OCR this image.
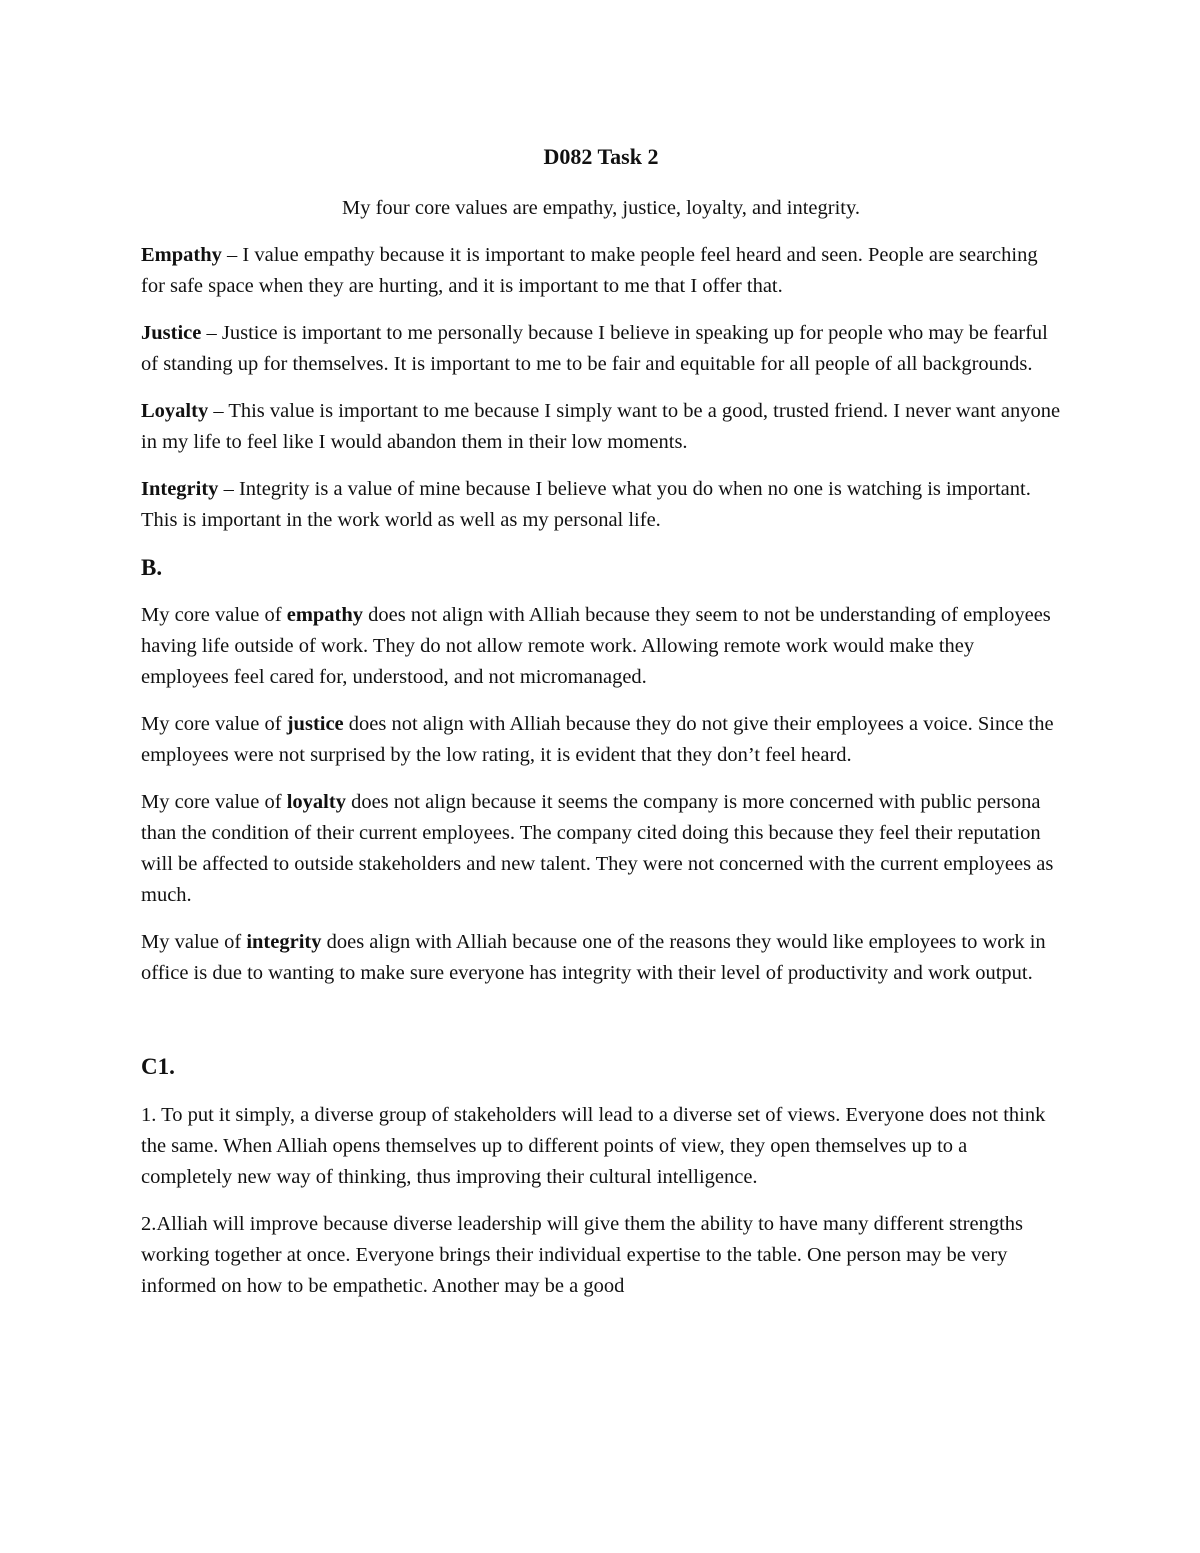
D082 Task 2

My four core values are empathy, justice, loyalty, and integrity.

Empathy – I value empathy because it is important to make people feel heard and seen. People are searching for safe space when they are hurting, and it is important to me that I offer that.

Justice – Justice is important to me personally because I believe in speaking up for people who may be fearful of standing up for themselves. It is important to me to be fair and equitable for all people of all backgrounds.

Loyalty – This value is important to me because I simply want to be a good, trusted friend. I never want anyone in my life to feel like I would abandon them in their low moments.

Integrity – Integrity is a value of mine because I believe what you do when no one is watching is important. This is important in the work world as well as my personal life.

B.

My core value of empathy does not align with Alliah because they seem to not be understanding of employees having life outside of work. They do not allow remote work. Allowing remote work would make they employees feel cared for, understood, and not micromanaged.

My core value of justice does not align with Alliah because they do not give their employees a voice. Since the employees were not surprised by the low rating, it is evident that they don’t feel heard.

My core value of loyalty does not align because it seems the company is more concerned with public persona than the condition of their current employees. The company cited doing this because they feel their reputation will be affected to outside stakeholders and new talent. They were not concerned with the current employees as much.

My value of integrity does align with Alliah because one of the reasons they would like employees to work in office is due to wanting to make sure everyone has integrity with their level of productivity and work output.

C1.

1. To put it simply, a diverse group of stakeholders will lead to a diverse set of views. Everyone does not think the same. When Alliah opens themselves up to different points of view, they open themselves up to a completely new way of thinking, thus improving their cultural intelligence.

2.Alliah will improve because diverse leadership will give them the ability to have many different strengths working together at once. Everyone brings their individual expertise to the table. One person may be very informed on how to be empathetic. Another may be a good
